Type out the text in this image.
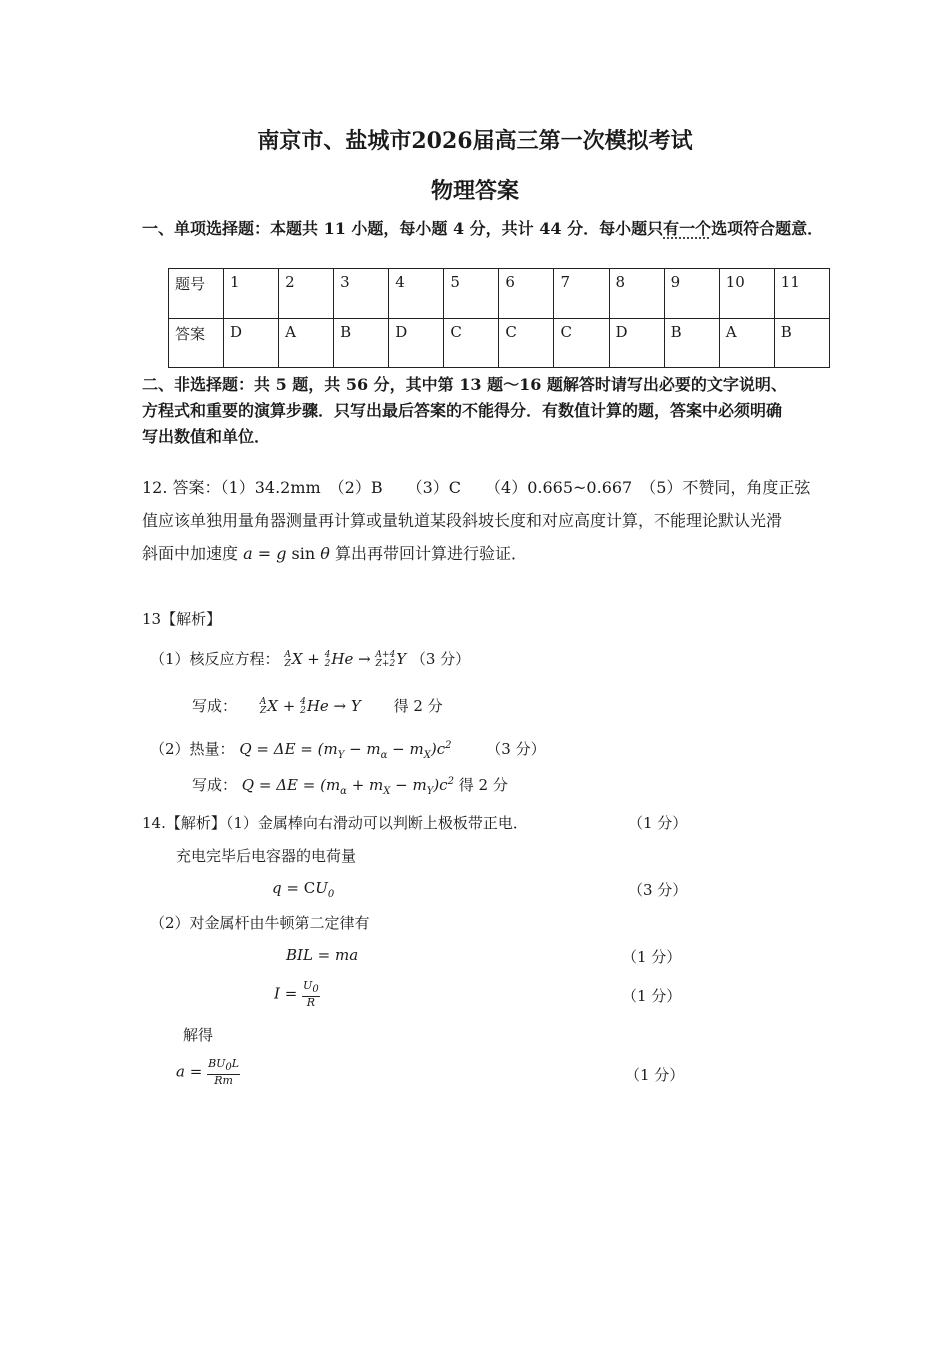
南京市、盐城市2026届高三第一次模拟考试
物理答案
一、单项选择题：本题共 11 小题，每小题 4 分，共计 44 分．每小题只有一个选项符合题意．
题号	1	2	3	4	5	6	7	8	9	10	11
答案	D	A	B	D	C	C	C	D	B	A	B
二、非选择题：共 5 题，共 56 分，其中第 13 题～16 题解答时请写出必要的文字说明、
方程式和重要的演算步骤．只写出最后答案的不能得分．有数值计算的题，答案中必须明确
写出数值和单位．
12. 答案：（1）34.2mm　（2）B　　（3）C　　（4）0.665~0.667　（5）不赞同，角度正弦
值应该单独用量角器测量再计算或量轨道某段斜坡长度和对应高度计算，不能理论默认光滑
斜面中加速度 a = g sin θ 算出再带回计算进行验证．
13【解析】
（1）核反应方程： A
Z X + 4
2 He → A+4
Z+2 Y （3 分）
写成：	A
Z X + 4
2 He → Y 得 2 分
（2）热量： $Q = \Delta E = (m_Y - m_\alpha - m_X)c^2$ （3 分）
写成： $Q = \Delta E = (m_\alpha + m_X - m_Y)c^2$ 得 2 分
14.【解析】（1）金属棒向右滑动可以判断上极板带正电．	（1 分）
充电完毕后电容器的电荷量
$q = CU_0$	（3 分）
（2）对金属杆由牛顿第二定律有
BIL = ma	（1 分）
$I = \frac{U_0}{R}$	（1 分）
解得
$a = \frac{BU_0L}{Rm}$	（1 分）
